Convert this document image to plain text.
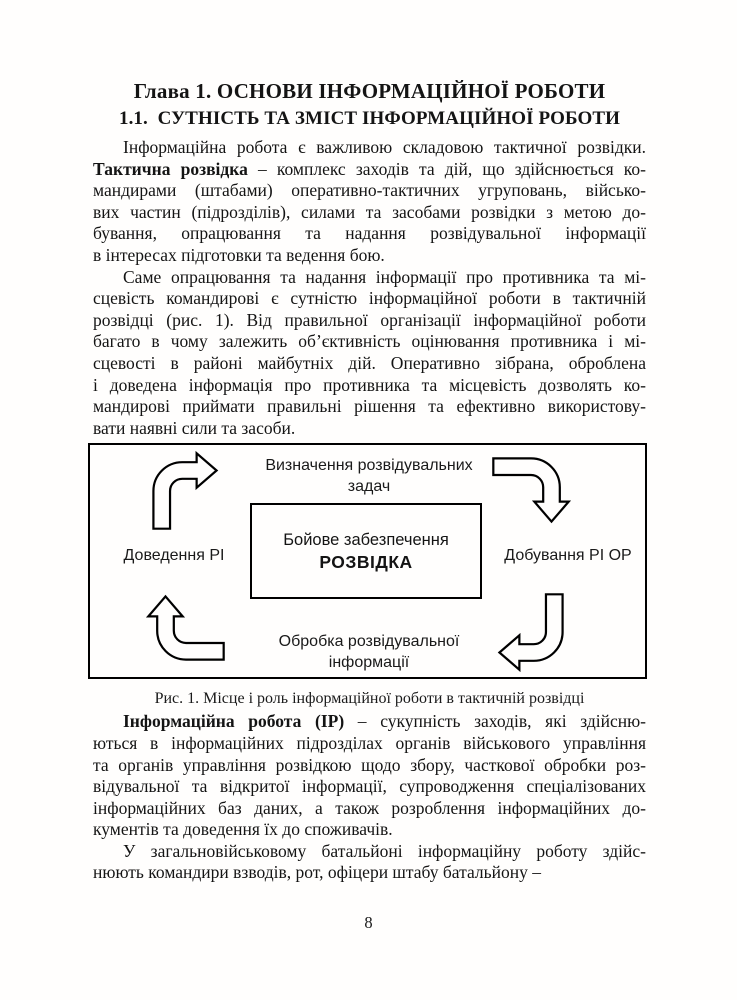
Глава 1. ОСНОВИ ІНФОРМАЦІЙНОЇ РОБОТИ
1.1.  СУТНІСТЬ ТА ЗМІСТ ІНФОРМАЦІЙНОЇ РОБОТИ
Інформаційна робота є важливою складовою тактичної розвідки.
Тактична розвідка – комплекс заходів та дій, що здійснюється ко-
мандирами (штабами) оперативно-тактичних угруповань, військо-
вих частин (підрозділів), силами та засобами розвідки з метою до-
бування, опрацювання та надання розвідувальної інформації
в інтересах підготовки та ведення бою.
Саме опрацювання та надання інформації про противника та мі-
сцевість командирові є сутністю інформаційної роботи в тактичній
розвідці (рис. 1). Від правильної організації інформаційної роботи
багато в чому залежить об’єктивність оцінювання противника і мі-
сцевості в районі майбутніх дій. Оперативно зібрана, оброблена
і доведена інформація про противника та місцевість дозволять ко-
мандирові приймати правильні рішення та ефективно використову-
вати наявні сили та засоби.
Визначення розвідувальних
задач
Доведення РІ	Добування РІ ОР
Обробка розвідувальної
інформації
Бойове забезпечення
РОЗВІДКА
Рис. 1. Місце і роль інформаційної роботи в тактичній розвідці
Інформаційна робота (ІР) – сукупність заходів, які здійсню-
ються в інформаційних підрозділах органів військового управління
та органів управління розвідкою щодо збору, часткової обробки роз-
відувальної та відкритої інформації, супроводження спеціалізованих
інформаційних баз даних, а також розроблення інформаційних до-
кументів та доведення їх до споживачів.
У загальновійськовому батальйоні інформаційну роботу здійс-
нюють командири взводів, рот, офіцери штабу батальйону –
8
